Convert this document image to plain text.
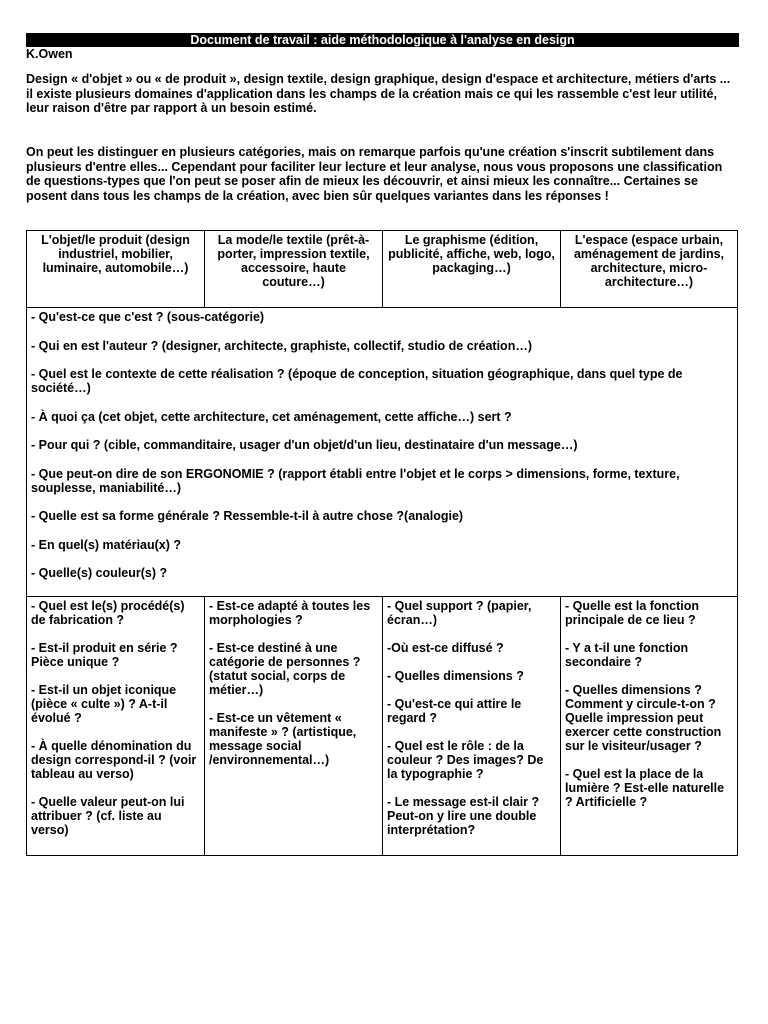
Document de travail : aide méthodologique à l'analyse en design
K.Owen
Design « d'objet » ou « de produit », design textile, design graphique, design d'espace et architecture, métiers d'arts ... il existe plusieurs domaines d'application dans les champs de la création mais ce qui les rassemble c'est leur utilité, leur raison d'être par rapport à un besoin estimé.
On peut les distinguer en plusieurs catégories, mais on remarque parfois qu'une création s'inscrit subtilement dans plusieurs d'entre elles... Cependant pour faciliter leur lecture et leur analyse, nous vous proposons une classification de questions-types que l'on peut se poser afin de mieux les découvrir, et ainsi mieux les connaître... Certaines se posent dans tous les champs de la création, avec bien sûr quelques variantes dans les réponses !
L'objet/le produit (design industriel, mobilier, luminaire, automobile…)
La mode/le textile (prêt-à-porter, impression textile, accessoire, haute couture…)
Le graphisme (édition, publicité, affiche, web, logo, packaging…)
L'espace (espace urbain, aménagement de jardins, architecture, micro-architecture…)

- Qu'est-ce que c'est ? (sous-catégorie)

- Qui en est l'auteur ? (designer, architecte, graphiste, collectif, studio de création…)

- Quel est le contexte de cette réalisation ? (époque de conception, situation géographique, dans quel type de société…)

- À quoi ça (cet objet, cette architecture, cet aménagement, cette affiche…) sert ?

- Pour qui ? (cible, commanditaire, usager d'un objet/d'un lieu, destinataire d'un message…)

- Que peut-on dire de son ERGONOMIE ? (rapport établi entre l'objet et le corps > dimensions, forme, texture, souplesse, maniabilité…)

- Quelle est sa forme générale ? Ressemble-t-il à autre chose ?(analogie)

- En quel(s) matériau(x) ?

- Quelle(s) couleur(s) ?

- Quel est le(s) procédé(s) de fabrication ?

- Est-il produit en série ? Pièce unique ?

- Est-il un objet iconique (pièce « culte ») ? A-t-il évolué ?

- À quelle dénomination du design correspond-il ? (voir tableau au verso)

- Quelle valeur peut-on lui attribuer ? (cf. liste au verso)

- Est-ce adapté à toutes les morphologies ?

- Est-ce destiné à une catégorie de personnes ? (statut social, corps de métier…)

- Est-ce un vêtement « manifeste » ? (artistique, message social /environnemental…)

- Quel support ? (papier, écran…)

-Où est-ce diffusé ?

- Quelles dimensions ?

- Qu'est-ce qui attire le regard ?

- Quel est le rôle : de la couleur ? Des images? De la typographie ?

- Le message est-il clair ? Peut-on y lire une double interprétation?

- Quelle est la fonction principale de ce lieu ?

- Y a t-il une fonction secondaire ?

- Quelles dimensions ? Comment y circule-t-on ? Quelle impression peut exercer cette construction sur le visiteur/usager ?

- Quel est la place de la lumière ? Est-elle naturelle ? Artificielle ?
